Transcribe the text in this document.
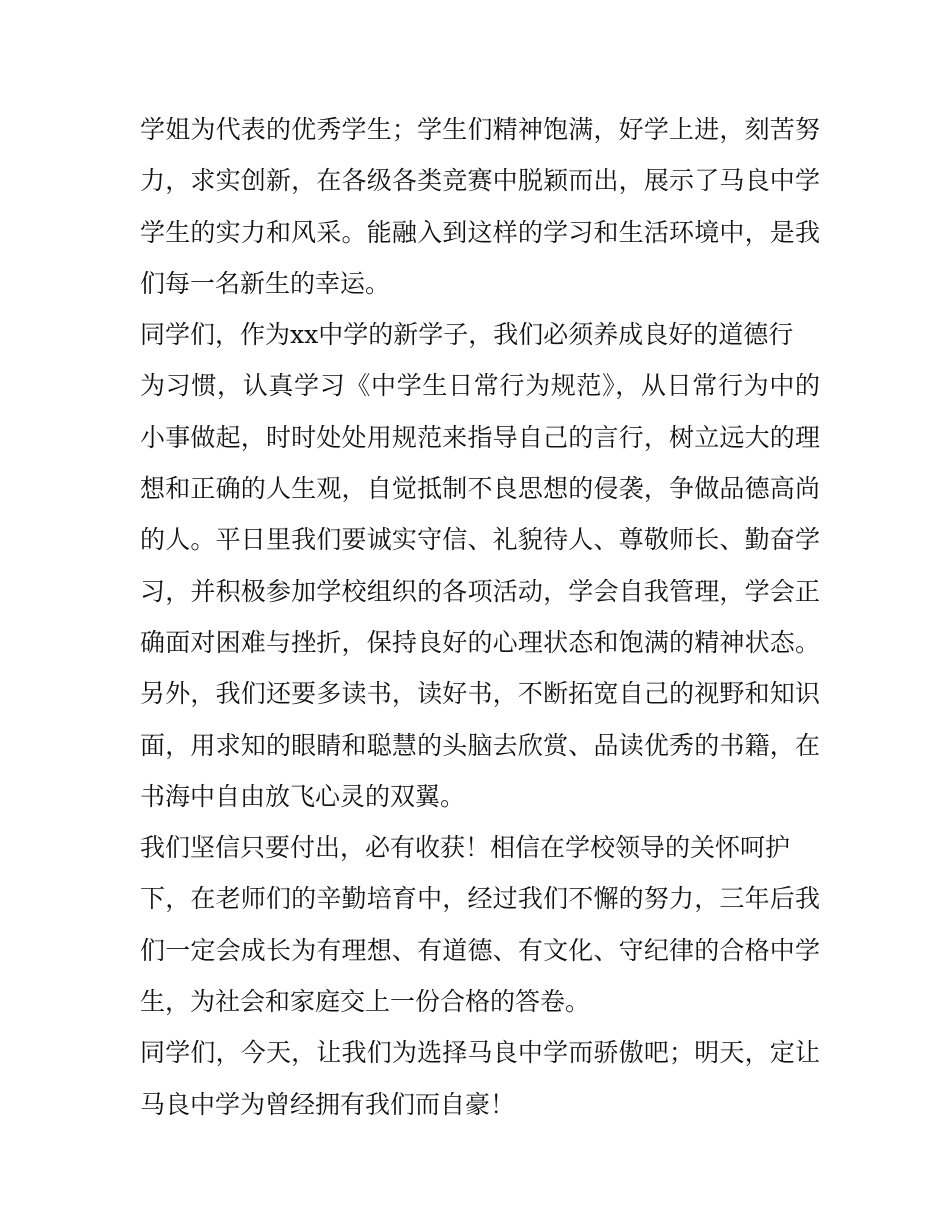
学姐为代表的优秀学生；学生们精神饱满，好学上进，刻苦努
力，求实创新，在各级各类竞赛中脱颖而出，展示了马良中学
学生的实力和风采。能融入到这样的学习和生活环境中，是我
们每一名新生的幸运。
同学们，作为xx中学的新学子，我们必须养成良好的道德行
为习惯，认真学习《中学生日常行为规范》，从日常行为中的
小事做起，时时处处用规范来指导自己的言行，树立远大的理
想和正确的人生观，自觉抵制不良思想的侵袭，争做品德高尚
的人。平日里我们要诚实守信、礼貌待人、尊敬师长、勤奋学
习，并积极参加学校组织的各项活动，学会自我管理，学会正
确面对困难与挫折，保持良好的心理状态和饱满的精神状态。
另外，我们还要多读书，读好书，不断拓宽自己的视野和知识
面，用求知的眼睛和聪慧的头脑去欣赏、品读优秀的书籍，在
书海中自由放飞心灵的双翼。
我们坚信只要付出，必有收获！相信在学校领导的关怀呵护
下，在老师们的辛勤培育中，经过我们不懈的努力，三年后我
们一定会成长为有理想、有道德、有文化、守纪律的合格中学
生，为社会和家庭交上一份合格的答卷。
同学们，今天，让我们为选择马良中学而骄傲吧；明天，定让
马良中学为曾经拥有我们而自豪！
